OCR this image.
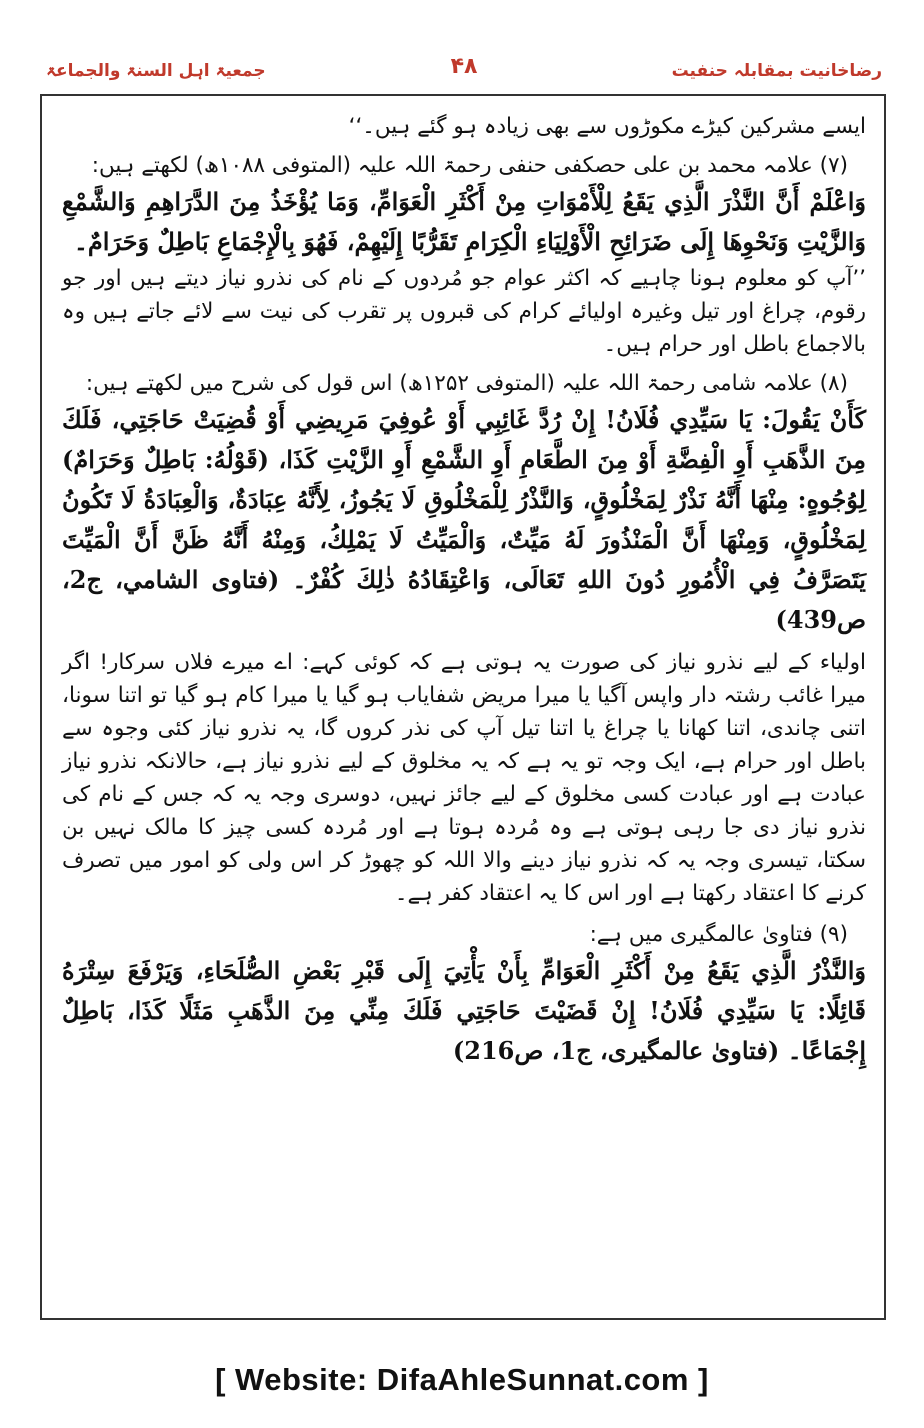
جمعیۃ اہل السنۃ والجماعۃ	۴۸	رضاخانیت بمقابلہ حنفیت

ایسے مشرکین کیڑے مکوڑوں سے بھی زیادہ ہو گئے ہیں۔‘‘

(۷) علامہ محمد بن علی حصکفی حنفی رحمۃ اللہ علیہ (المتوفی ۱۰۸۸ھ) لکھتے ہیں:

وَاعْلَمْ أَنَّ النَّذْرَ الَّذِي يَقَعُ لِلْأَمْوَاتِ مِنْ أَكْثَرِ الْعَوَامِّ، وَمَا يُؤْخَذُ مِنَ الدَّرَاهِمِ وَالشَّمْعِ وَالزَّيْتِ وَنَحْوِهَا إِلَى ضَرَائِحِ الْأَوْلِيَاءِ الْكِرَامِ تَقَرُّبًا إِلَيْهِمْ، فَهُوَ بِالْإِجْمَاعِ بَاطِلٌ وَحَرَامٌ۔

’’آپ کو معلوم ہونا چاہیے کہ اکثر عوام جو مُردوں کے نام کی نذرو نیاز دیتے ہیں اور جو رقوم، چراغ اور تیل وغیرہ اولیائے کرام کی قبروں پر تقرب کی نیت سے لائے جاتے ہیں وہ بالاجماع باطل اور حرام ہیں۔

(۸) علامہ شامی رحمۃ اللہ علیہ (المتوفی ۱۲۵۲ھ) اس قول کی شرح میں لکھتے ہیں:

كَأَنْ يَقُولَ: يَا سَيِّدِي فُلَانُ! إِنْ رُدَّ غَائِبِي أَوْ عُوفِيَ مَرِيضِي أَوْ قُضِيَتْ حَاجَتِي، فَلَكَ مِنَ الذَّهَبِ أَوِ الْفِضَّةِ أَوْ مِنَ الطَّعَامِ أَوِ الشَّمْعِ أَوِ الزَّيْتِ كَذَا، (قَوْلُهُ: بَاطِلٌ وَحَرَامٌ) لِوُجُوهٍ: مِنْهَا أَنَّهُ نَذْرٌ لِمَخْلُوقٍ، وَالنَّذْرُ لِلْمَخْلُوقِ لَا يَجُوزُ، لِأَنَّهُ عِبَادَةٌ، وَالْعِبَادَةُ لَا تَكُونُ لِمَخْلُوقٍ، وَمِنْهَا أَنَّ الْمَنْذُورَ لَهُ مَيِّتٌ، وَالْمَيِّتُ لَا يَمْلِكُ، وَمِنْهُ أَنَّهُ ظَنَّ أَنَّ الْمَيِّتَ يَتَصَرَّفُ فِي الْأُمُورِ دُونَ اللهِ تَعَالَى، وَاعْتِقَادُهُ ذٰلِكَ كُفْرٌ۔ (فتاوى الشامي، ج2، ص439)

اولیاء کے لیے نذرو نیاز کی صورت یہ ہوتی ہے کہ کوئی کہے: اے میرے فلاں سرکار! اگر میرا غائب رشتہ دار واپس آگیا یا میرا مریض شفایاب ہو گیا یا میرا کام ہو گیا تو اتنا سونا، اتنی چاندی، اتنا کھانا یا چراغ یا اتنا تیل آپ کی نذر کروں گا، یہ نذرو نیاز کئی وجوہ سے باطل اور حرام ہے، ایک وجہ تو یہ ہے کہ یہ مخلوق کے لیے نذرو نیاز ہے، حالانکہ نذرو نیاز عبادت ہے اور عبادت کسی مخلوق کے لیے جائز نہیں، دوسری وجہ یہ کہ جس کے نام کی نذرو نیاز دی جا رہی ہوتی ہے وہ مُردہ ہوتا ہے اور مُردہ کسی چیز کا مالک نہیں بن سکتا، تیسری وجہ یہ کہ نذرو نیاز دینے والا اللہ کو چھوڑ کر اس ولی کو امور میں تصرف کرنے کا اعتقاد رکھتا ہے اور اس کا یہ اعتقاد کفر ہے۔

(۹) فتاویٰ عالمگیری میں ہے:

وَالنَّذْرُ الَّذِي يَقَعُ مِنْ أَكْثَرِ الْعَوَامِّ بِأَنْ يَأْتِيَ إِلَى قَبْرِ بَعْضِ الصُّلَحَاءِ، وَيَرْفَعَ سِتْرَهُ قَائِلًا: يَا سَيِّدِي فُلَانُ! إِنْ قَضَيْتَ حَاجَتِي فَلَكَ مِنِّي مِنَ الذَّهَبِ مَثَلًا كَذَا، بَاطِلٌ إِجْمَاعًا۔ (فتاوىٰ عالمگیری، ج1، ص216)

[ Website: DifaAhleSunnat.com ]
